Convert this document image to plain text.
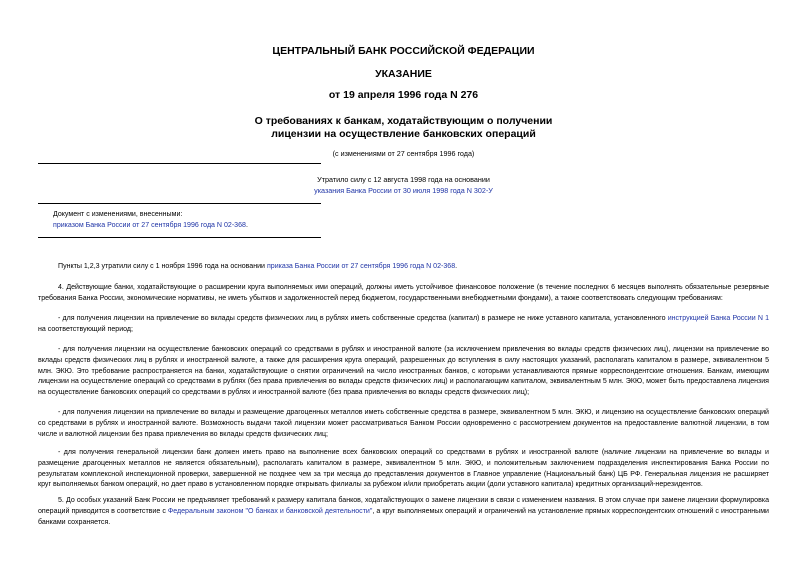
ЦЕНТРАЛЬНЫЙ БАНК РОССИЙСКОЙ ФЕДЕРАЦИИ
УКАЗАНИЕ
от 19 апреля 1996 года N 276
О требованиях к банкам, ходатайствующим о получении
лицензии на осуществление банковских операций
(с изменениями от 27 сентября 1996 года)
Утратило силу с 12 августа 1998 года на основании
указания Банка России от 30 июля 1998 года N 302-У
Документ с изменениями, внесенными:
приказом Банка России от 27 сентября 1996 года N 02-368.
Пункты 1,2,3 утратили силу с 1 ноября 1996 года на основании приказа Банка России от 27 сентября 1996 года N 02-368.
4. Действующие банки, ходатайствующие о расширении круга выполняемых ими операций, должны иметь устойчивое финансовое положение (в течение последних 6 месяцев выполнять обязательные резервные требования Банка России, экономические нормативы, не иметь убытков и задолженностей перед бюджетом, государственными внебюджетными фондами), а также соответствовать следующим требованиям:
- для получения лицензии на привлечение во вклады средств физических лиц в рублях иметь собственные средства (капитал) в размере не ниже уставного капитала, установленного инструкцией Банка России N 1 на соответствующий период;
- для получения лицензии на осуществление банковских операций со средствами в рублях и иностранной валюте (за исключением привлечения во вклады средств физических лиц), лицензии на привлечение во вклады средств физических лиц в рублях и иностранной валюте, а также для расширения круга операций, разрешенных до вступления в силу настоящих указаний, располагать капиталом в размере, эквивалентном 5 млн. ЭКЮ. Это требование распространяется на банки, ходатайствующие о снятии ограничений на число иностранных банков, с которыми устанавливаются прямые корреспондентские отношения. Банкам, имеющим лицензии на осуществление операций со средствами в рублях (без права привлечения во вклады средств физических лиц) и располагающим капиталом, эквивалентным 5 млн. ЭКЮ, может быть предоставлена лицензия на осуществление банковских операций со средствами в рублях и иностранной валюте (без права привлечения во вклады средств физических лиц);
- для получения лицензии на привлечение во вклады и размещение драгоценных металлов иметь собственные средства в размере, эквивалентном 5 млн. ЭКЮ, и лицензию на осуществление банковских операций со средствами в рублях и иностранной валюте. Возможность выдачи такой лицензии может рассматриваться Банком России одновременно с рассмотрением документов на предоставление валютной лицензии, в том числе и валютной лицензии без права привлечения во вклады средств физических лиц;
- для получения генеральной лицензии банк должен иметь право на выполнение всех банковских операций со средствами в рублях и иностранной валюте (наличие лицензии на привлечение во вклады и размещение драгоценных металлов не является обязательным), располагать капиталом в размере, эквивалентном 5 млн. ЭКЮ, и положительным заключением подразделения инспектирования Банка России по результатам комплексной инспекционной проверки, завершенной не позднее чем за три месяца до представления документов в Главное управление (Национальный банк) ЦБ РФ. Генеральная лицензия не расширяет круг выполняемых банком операций, но дает право в установленном порядке открывать филиалы за рубежом и/или приобретать акции (доли уставного капитала) кредитных организаций-нерезидентов.
5. До особых указаний Банк России не предъявляет требований к размеру капитала банков, ходатайствующих о замене лицензии в связи с изменением названия. В этом случае при замене лицензии формулировка операций приводится в соответствие с Федеральным законом "О банках и банковской деятельности", а круг выполняемых операций и ограничений на установление прямых корреспондентских отношений с иностранными банками сохраняется.
